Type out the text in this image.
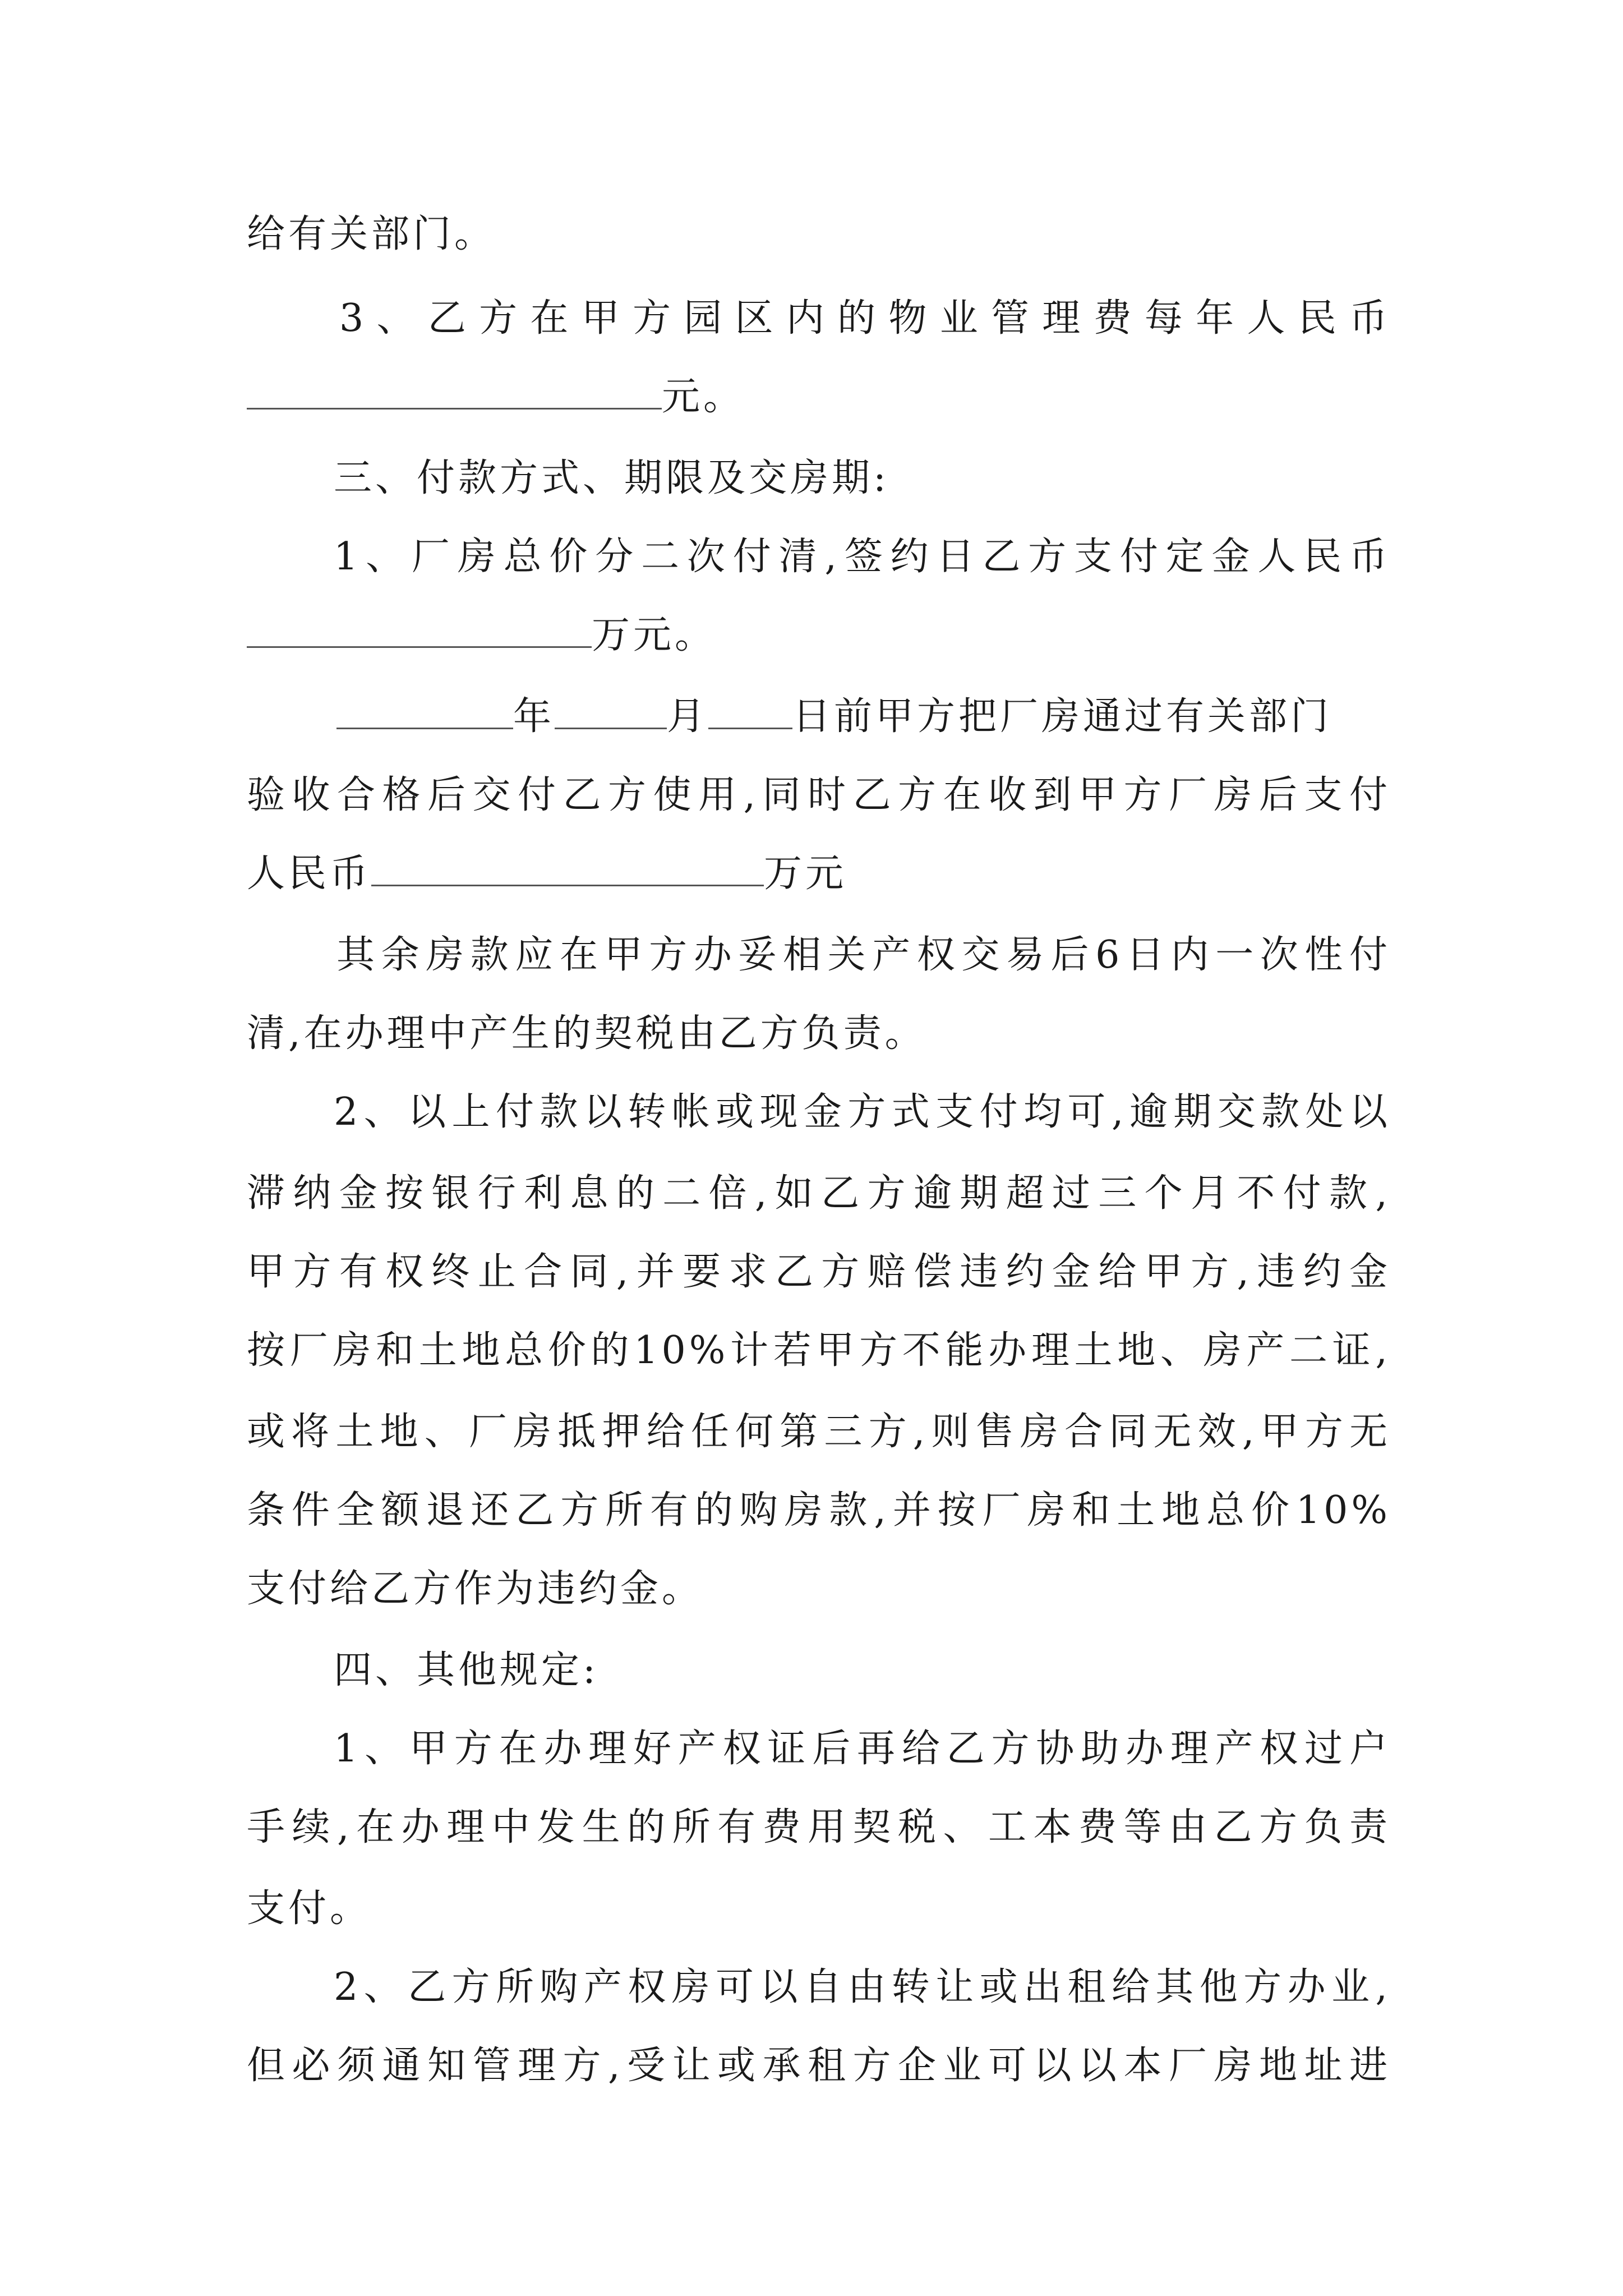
给有关部门。
3、乙方在甲方园区内的物业管理费每年人民币
元。
三、付款方式、期限及交房期:
1、厂房总价分二次付清,签约日乙方支付定金人民币
万元。
年	月 日前甲方把厂房通过有关部门
验收合格后交付乙方使用,同时乙方在收到甲方厂房后支付
人民币	万元
其余房款应在甲方办妥相关产权交易后6日内一次性付
清,在办理中产生的契税由乙方负责。
2、以上付款以转帐或现金方式支付均可,逾期交款处以
滞纳金按银行利息的二倍,如乙方逾期超过三个月不付款,
甲方有权终止合同,并要求乙方赔偿违约金给甲方,违约金
按厂房和土地总价的10%计若甲方不能办理土地、房产二证,
或将土地、厂房抵押给任何第三方,则售房合同无效,甲方无
条件全额退还乙方所有的购房款,并按厂房和土地总价10%
支付给乙方作为违约金。
四、其他规定:
1、甲方在办理好产权证后再给乙方协助办理产权过户
手续,在办理中发生的所有费用契税、工本费等由乙方负责
支付。
2、乙方所购产权房可以自由转让或出租给其他方办业,
但必须通知管理方,受让或承租方企业可以以本厂房地址进
